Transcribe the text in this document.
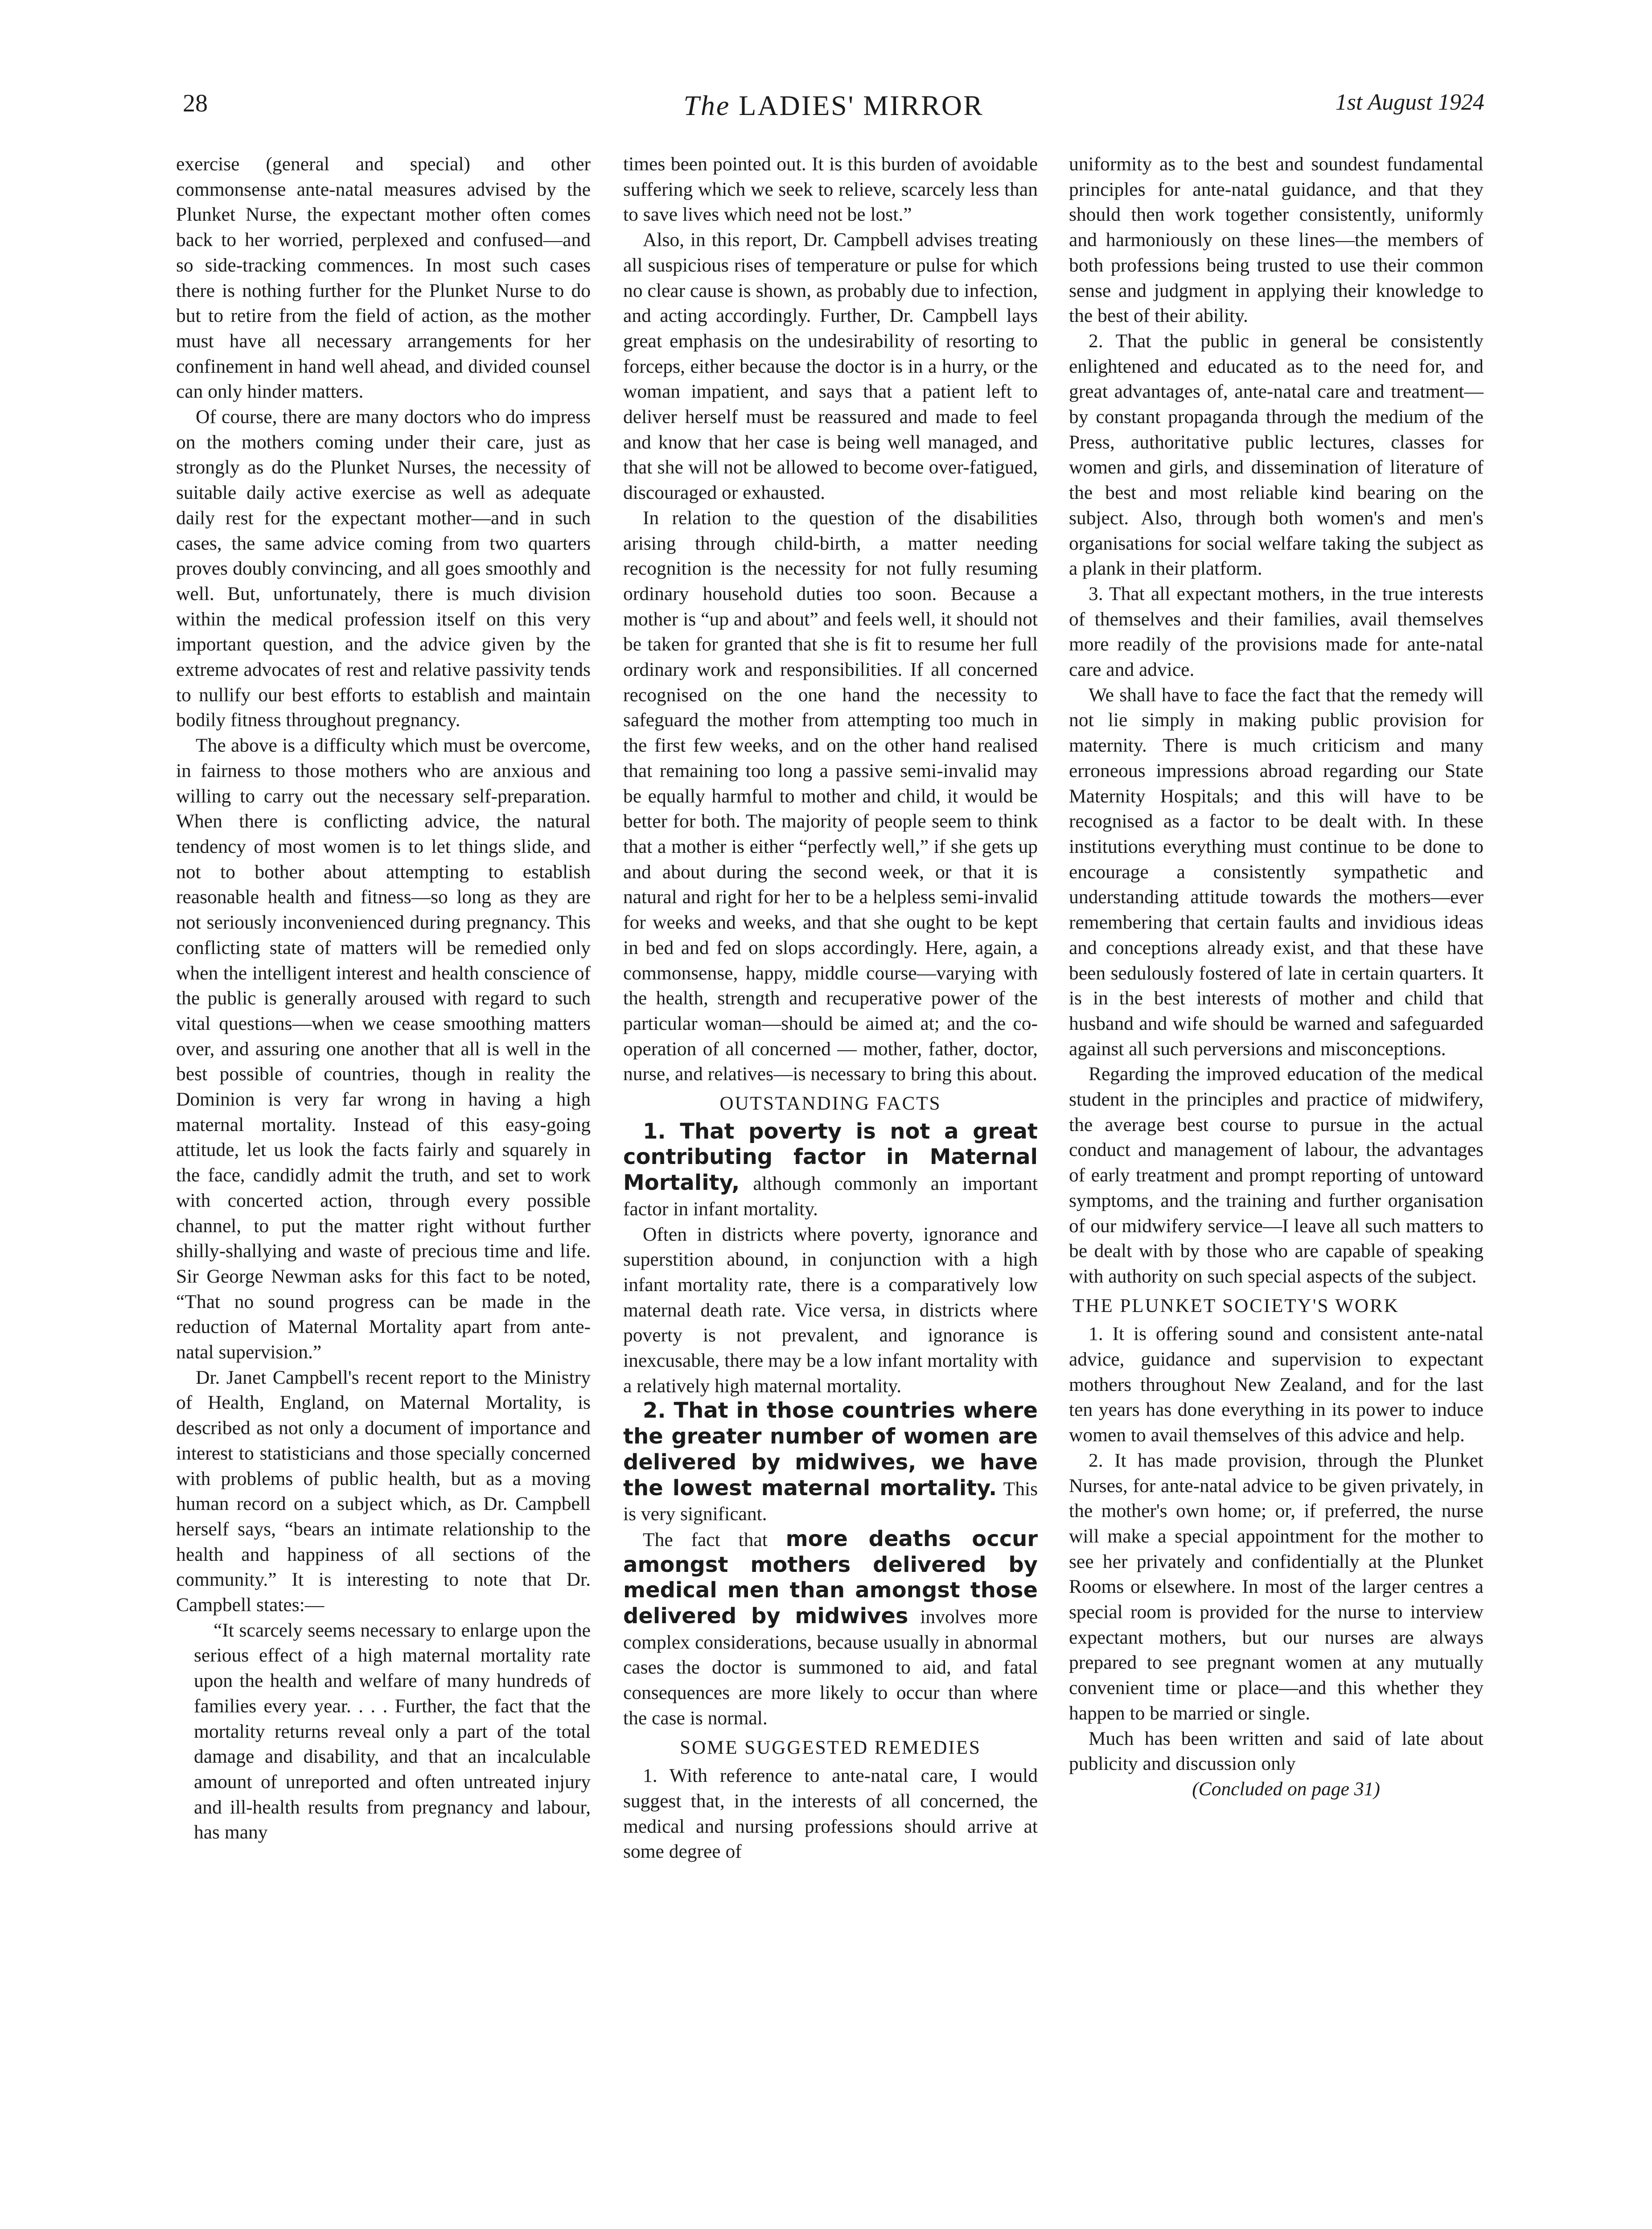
28	The LADIES' MIRROR	1st August 1924

exercise (general and special) and other commonsense ante-natal measures advised by the Plunket Nurse, the expectant mother often comes back to her worried, perplexed and confused—and so side-tracking commences. In most such cases there is nothing further for the Plunket Nurse to do but to retire from the field of action, as the mother must have all necessary arrangements for her confinement in hand well ahead, and divided counsel can only hinder matters.

Of course, there are many doctors who do impress on the mothers coming under their care, just as strongly as do the Plunket Nurses, the necessity of suitable daily active exercise as well as adequate daily rest for the expectant mother—and in such cases, the same advice coming from two quarters proves doubly convincing, and all goes smoothly and well. But, unfortunately, there is much division within the medical profession itself on this very important question, and the advice given by the extreme advocates of rest and relative passivity tends to nullify our best efforts to establish and maintain bodily fitness throughout pregnancy.

The above is a difficulty which must be overcome, in fairness to those mothers who are anxious and willing to carry out the necessary self-preparation. When there is conflicting advice, the natural tendency of most women is to let things slide, and not to bother about attempting to establish reasonable health and fitness—so long as they are not seriously inconvenienced during pregnancy. This conflicting state of matters will be remedied only when the intelligent interest and health conscience of the public is generally aroused with regard to such vital questions—when we cease smoothing matters over, and assuring one another that all is well in the best possible of countries, though in reality the Dominion is very far wrong in having a high maternal mortality. Instead of this easy-going attitude, let us look the facts fairly and squarely in the face, candidly admit the truth, and set to work with concerted action, through every possible channel, to put the matter right without further shilly-shallying and waste of precious time and life. Sir George Newman asks for this fact to be noted, “That no sound progress can be made in the reduction of Maternal Mortality apart from ante-natal supervision.”

Dr. Janet Campbell's recent report to the Ministry of Health, England, on Maternal Mortality, is described as not only a document of importance and interest to statisticians and those specially concerned with problems of public health, but as a moving human record on a subject which, as Dr. Campbell herself says, “bears an intimate relationship to the health and happiness of all sections of the community.” It is interesting to note that Dr. Campbell states:—

“It scarcely seems necessary to enlarge upon the serious effect of a high maternal mortality rate upon the health and welfare of many hundreds of families every year. . . . Further, the fact that the mortality returns reveal only a part of the total damage and disability, and that an incalculable amount of unreported and often untreated injury and ill-health results from pregnancy and labour, has many

times been pointed out. It is this burden of avoidable suffering which we seek to relieve, scarcely less than to save lives which need not be lost.”

Also, in this report, Dr. Campbell advises treating all suspicious rises of temperature or pulse for which no clear cause is shown, as probably due to infection, and acting accordingly. Further, Dr. Campbell lays great emphasis on the undesirability of resorting to forceps, either because the doctor is in a hurry, or the woman impatient, and says that a patient left to deliver herself must be reassured and made to feel and know that her case is being well managed, and that she will not be allowed to become over-fatigued, discouraged or exhausted.

In relation to the question of the disabilities arising through child-birth, a matter needing recognition is the necessity for not fully resuming ordinary household duties too soon. Because a mother is “up and about” and feels well, it should not be taken for granted that she is fit to resume her full ordinary work and responsibilities. If all concerned recognised on the one hand the necessity to safeguard the mother from attempting too much in the first few weeks, and on the other hand realised that remaining too long a passive semi-invalid may be equally harmful to mother and child, it would be better for both. The majority of people seem to think that a mother is either “perfectly well,” if she gets up and about during the second week, or that it is natural and right for her to be a helpless semi-invalid for weeks and weeks, and that she ought to be kept in bed and fed on slops accordingly. Here, again, a commonsense, happy, middle course—varying with the health, strength and recuperative power of the particular woman—should be aimed at; and the co-operation of all concerned — mother, father, doctor, nurse, and relatives—is necessary to bring this about.

OUTSTANDING FACTS

1. That poverty is not a great contributing factor in Maternal Mortality, although commonly an important factor in infant mortality.

Often in districts where poverty, ignorance and superstition abound, in conjunction with a high infant mortality rate, there is a comparatively low maternal death rate. Vice versa, in districts where poverty is not prevalent, and ignorance is inexcusable, there may be a low infant mortality with a relatively high maternal mortality.

2. That in those countries where the greater number of women are delivered by midwives, we have the lowest maternal mortality. This is very significant.

The fact that more deaths occur amongst mothers delivered by medical men than amongst those delivered by midwives involves more complex considerations, because usually in abnormal cases the doctor is summoned to aid, and fatal consequences are more likely to occur than where the case is normal.

SOME SUGGESTED REMEDIES

1. With reference to ante-natal care, I would suggest that, in the interests of all concerned, the medical and nursing professions should arrive at some degree of

uniformity as to the best and soundest fundamental principles for ante-natal guidance, and that they should then work together consistently, uniformly and harmoniously on these lines—the members of both professions being trusted to use their common sense and judgment in applying their knowledge to the best of their ability.

2. That the public in general be consistently enlightened and educated as to the need for, and great advantages of, ante-natal care and treatment—by constant propaganda through the medium of the Press, authoritative public lectures, classes for women and girls, and dissemination of literature of the best and most reliable kind bearing on the subject. Also, through both women's and men's organisations for social welfare taking the subject as a plank in their platform.

3. That all expectant mothers, in the true interests of themselves and their families, avail themselves more readily of the provisions made for ante-natal care and advice.

We shall have to face the fact that the remedy will not lie simply in making public provision for maternity. There is much criticism and many erroneous impressions abroad regarding our State Maternity Hospitals; and this will have to be recognised as a factor to be dealt with. In these institutions everything must continue to be done to encourage a consistently sympathetic and understanding attitude towards the mothers—ever remembering that certain faults and invidious ideas and conceptions already exist, and that these have been sedulously fostered of late in certain quarters. It is in the best interests of mother and child that husband and wife should be warned and safeguarded against all such perversions and misconceptions.

Regarding the improved education of the medical student in the principles and practice of midwifery, the average best course to pursue in the actual conduct and management of labour, the advantages of early treatment and prompt reporting of untoward symptoms, and the training and further organisation of our midwifery service—I leave all such matters to be dealt with by those who are capable of speaking with authority on such special aspects of the subject.

THE PLUNKET SOCIETY'S WORK

1. It is offering sound and consistent ante-natal advice, guidance and supervision to expectant mothers throughout New Zealand, and for the last ten years has done everything in its power to induce women to avail themselves of this advice and help.

2. It has made provision, through the Plunket Nurses, for ante-natal advice to be given privately, in the mother's own home; or, if preferred, the nurse will make a special appointment for the mother to see her privately and confidentially at the Plunket Rooms or elsewhere. In most of the larger centres a special room is provided for the nurse to interview expectant mothers, but our nurses are always prepared to see pregnant women at any mutually convenient time or place—and this whether they happen to be married or single.

Much has been written and said of late about publicity and discussion only

(Concluded on page 31)
